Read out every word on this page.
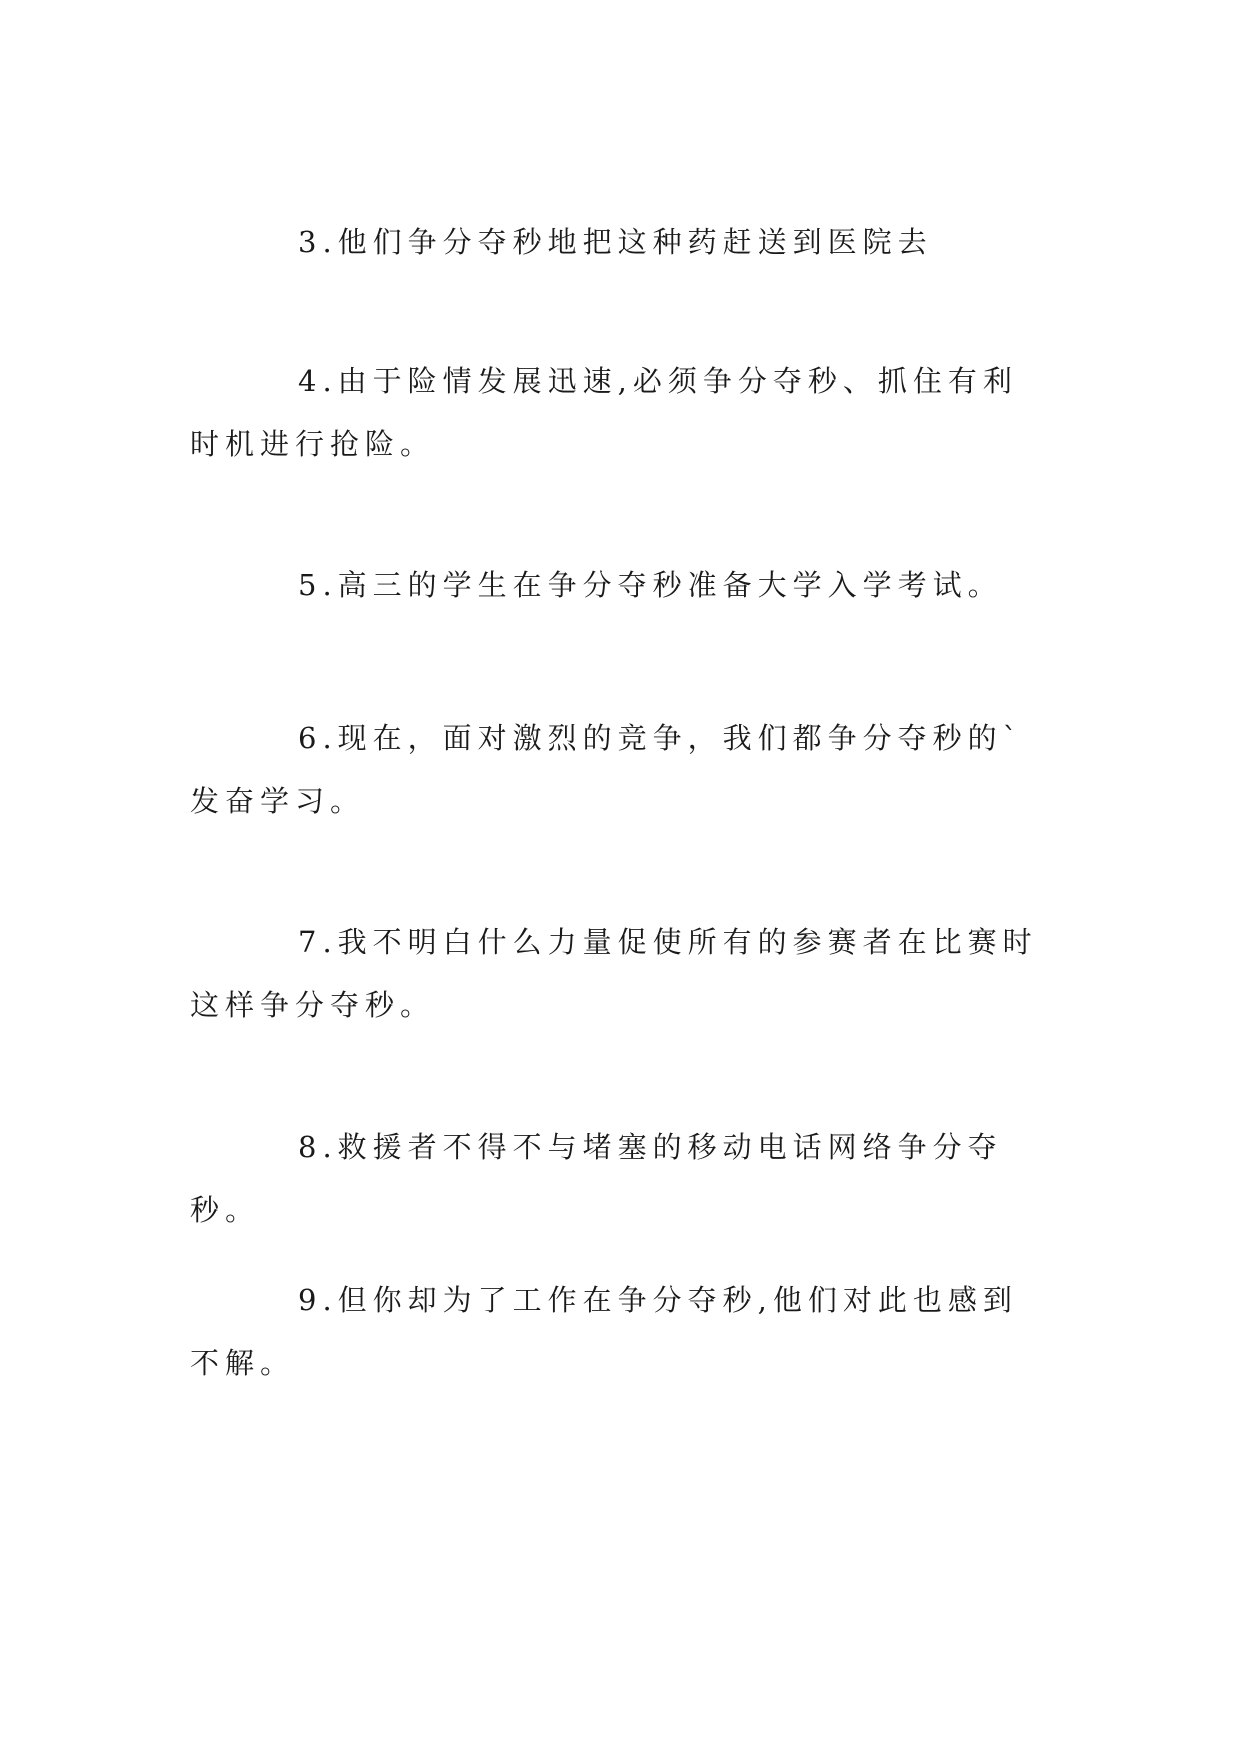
3.他们争分夺秒地把这种药赶送到医院去

4.由于险情发展迅速,必须争分夺秒、抓住有利时机进行抢险。

5.高三的学生在争分夺秒准备大学入学考试。

6.现在，面对激烈的竞争，我们都争分夺秒的`发奋学习。

7.我不明白什么力量促使所有的参赛者在比赛时这样争分夺秒。

8.救援者不得不与堵塞的移动电话网络争分夺秒。

9.但你却为了工作在争分夺秒,他们对此也感到不解。
